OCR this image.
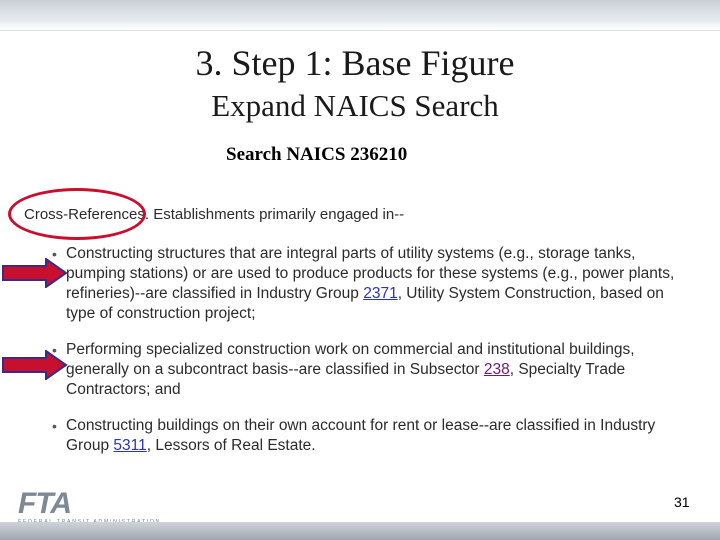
3. Step 1: Base Figure
Expand NAICS Search
Search NAICS 236210
Cross-References. Establishments primarily engaged in--
• Constructing structures that are integral parts of utility systems (e.g., storage tanks, pumping stations) or are used to produce products for these systems (e.g., power plants, refineries)--are classified in Industry Group 2371, Utility System Construction, based on type of construction project;
• Performing specialized construction work on commercial and institutional buildings, generally on a subcontract basis--are classified in Subsector 238, Specialty Trade Contractors; and
• Constructing buildings on their own account for rent or lease--are classified in Industry Group 5311, Lessors of Real Estate.
FTA	31
